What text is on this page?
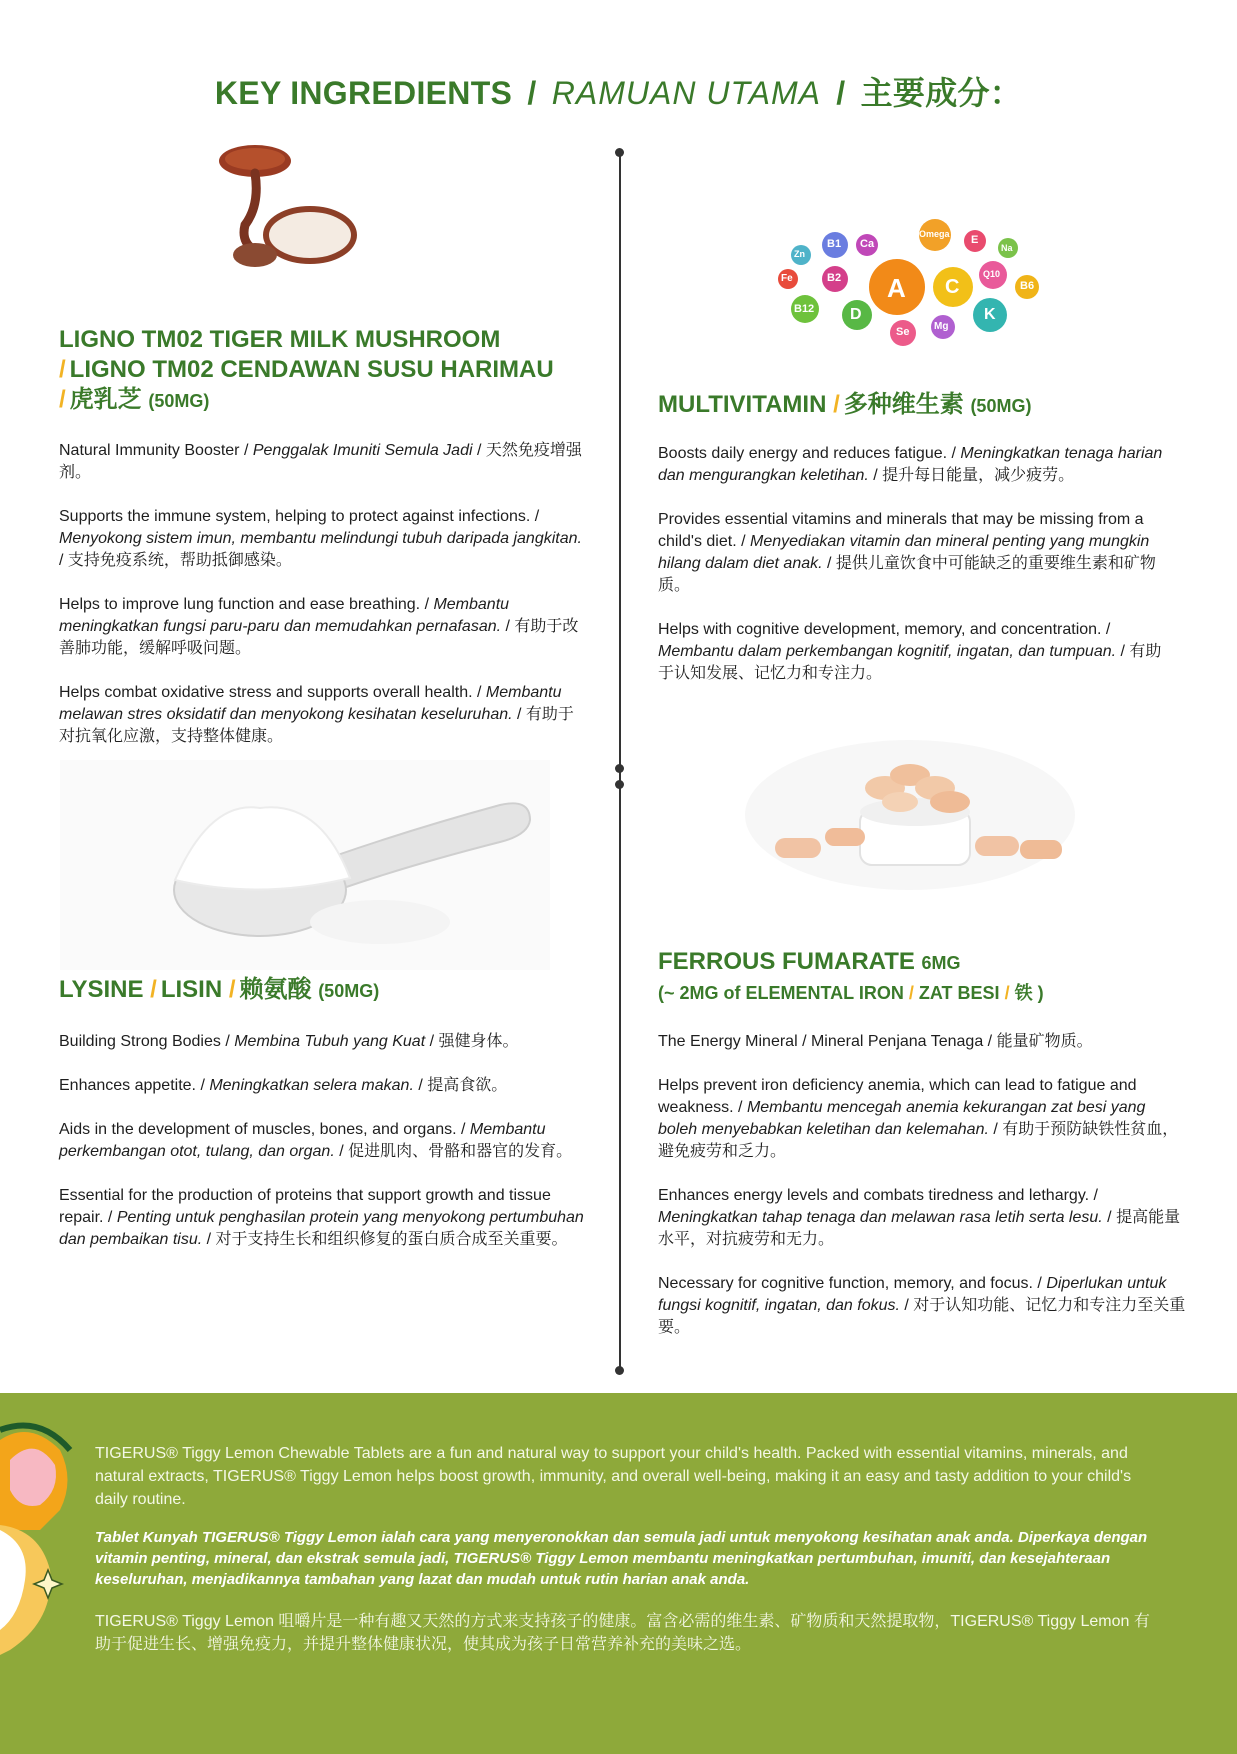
KEY INGREDIENTS / RAMUAN UTAMA / 主要成分：
LIGNO TM02 TIGER MILK MUSHROOM
/ LIGNO TM02 CENDAWAN SUSU HARIMAU
/ 虎乳芝 (50MG)

Natural Immunity Booster / Penggalak Imuniti Semula Jadi / 天然免疫增强剂。

Supports the immune system, helping to protect against infections. / Menyokong sistem imun, membantu melindungi tubuh daripada jangkitan. / 支持免疫系统，帮助抵御感染。

Helps to improve lung function and ease breathing. / Membantu meningkatkan fungsi paru-paru dan memudahkan pernafasan. / 有助于改善肺功能，缓解呼吸问题。

Helps combat oxidative stress and supports overall health. / Membantu melawan stres oksidatif dan menyokong kesihatan keseluruhan. / 有助于对抗氧化应激，支持整体健康。

B1 Ca
Zn
Omega E
Na
Fe	B2 A C
Q10
B6
B12 D
Se Mg
K
MULTIVITAMIN / 多种维生素 (50MG)

Boosts daily energy and reduces fatigue. / Meningkatkan tenaga harian dan mengurangkan keletihan. / 提升每日能量，减少疲劳。

Provides essential vitamins and minerals that may be missing from a child's diet. / Menyediakan vitamin dan mineral penting yang mungkin hilang dalam diet anak. / 提供儿童饮食中可能缺乏的重要维生素和矿物质。

Helps with cognitive development, memory, and concentration. / Membantu dalam perkembangan kognitif, ingatan, dan tumpuan. / 有助于认知发展、记忆力和专注力。

LYSINE / LISIN / 赖氨酸 (50MG)

Building Strong Bodies / Membina Tubuh yang Kuat / 强健身体。

Enhances appetite. / Meningkatkan selera makan. / 提高食欲。

Aids in the development of muscles, bones, and organs. / Membantu perkembangan otot, tulang, dan organ. / 促进肌肉、骨骼和器官的发育。

Essential for the production of proteins that support growth and tissue repair. / Penting untuk penghasilan protein yang menyokong pertumbuhan dan pembaikan tisu. / 对于支持生长和组织修复的蛋白质合成至关重要。

FERROUS FUMARATE 6MG
(~ 2MG of ELEMENTAL IRON / ZAT BESI / 铁 )

The Energy Mineral / Mineral Penjana Tenaga / 能量矿物质。

Helps prevent iron deficiency anemia, which can lead to fatigue and weakness. / Membantu mencegah anemia kekurangan zat besi yang boleh menyebabkan keletihan dan kelemahan. / 有助于预防缺铁性贫血，避免疲劳和乏力。

Enhances energy levels and combats tiredness and lethargy. / Meningkatkan tahap tenaga dan melawan rasa letih serta lesu. / 提高能量水平，对抗疲劳和无力。

Necessary for cognitive function, memory, and focus. / Diperlukan untuk fungsi kognitif, ingatan, dan fokus. / 对于认知功能、记忆力和专注力至关重要。

TIGERUS® Tiggy Lemon Chewable Tablets are a fun and natural way to support your child's health. Packed with essential vitamins, minerals, and natural extracts, TIGERUS® Tiggy Lemon helps boost growth, immunity, and overall well-being, making it an easy and tasty addition to your child's daily routine.
Tablet Kunyah TIGERUS® Tiggy Lemon ialah cara yang menyeronokkan dan semula jadi untuk menyokong kesihatan anak anda. Diperkaya dengan vitamin penting, mineral, dan ekstrak semula jadi, TIGERUS® Tiggy Lemon membantu meningkatkan pertumbuhan, imuniti, dan kesejahteraan keseluruhan, menjadikannya tambahan yang lazat dan mudah untuk rutin harian anak anda.
TIGERUS® Tiggy Lemon 咀嚼片是一种有趣又天然的方式来支持孩子的健康。富含必需的维生素、矿物质和天然提取物，TIGERUS® Tiggy Lemon 有助于促进生长、增强免疫力，并提升整体健康状况，使其成为孩子日常营养补充的美味之选。
